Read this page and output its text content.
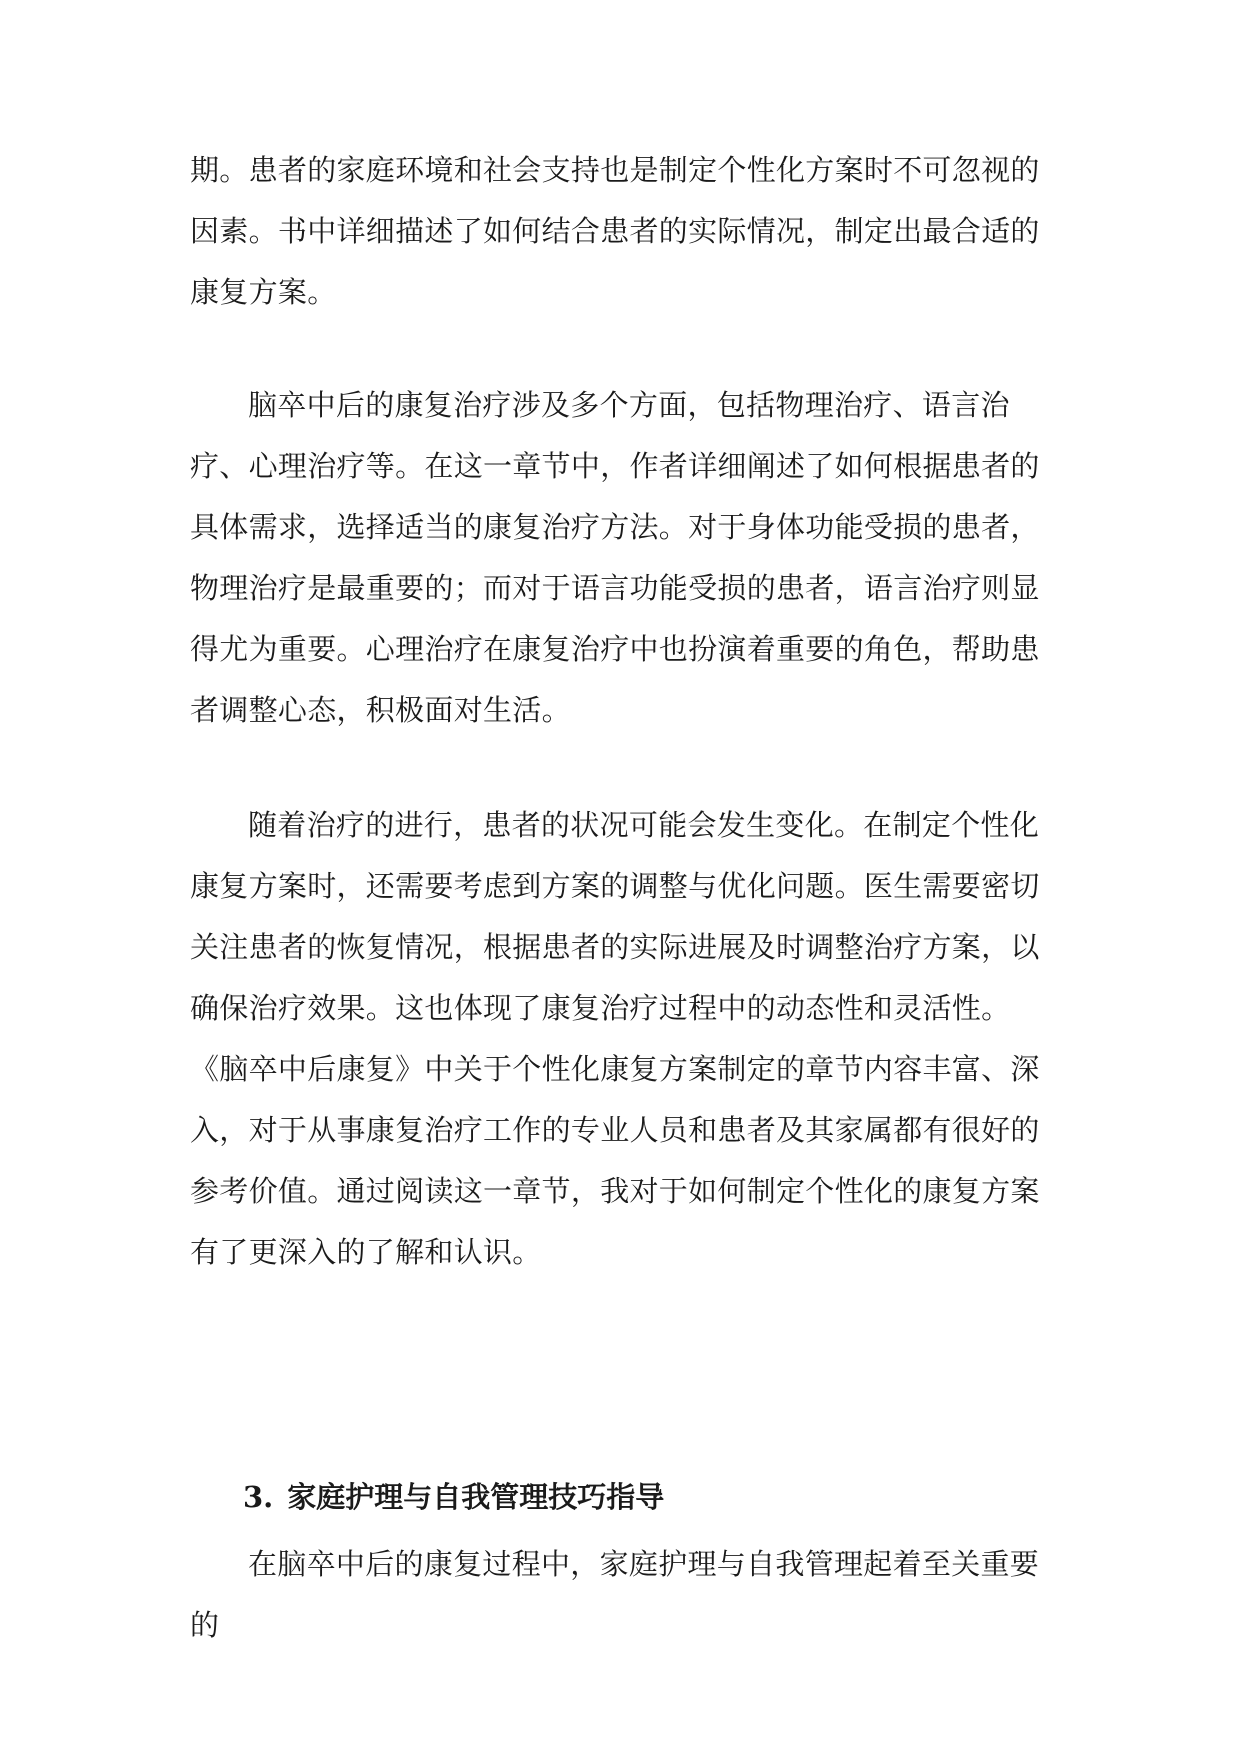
期。患者的家庭环境和社会支持也是制定个性化方案时不可忽视的因素。书中详细描述了如何结合患者的实际情况，制定出最合适的康复方案。

脑卒中后的康复治疗涉及多个方面，包括物理治疗、语言治疗、心理治疗等。在这一章节中，作者详细阐述了如何根据患者的具体需求，选择适当的康复治疗方法。对于身体功能受损的患者，物理治疗是最重要的；而对于语言功能受损的患者，语言治疗则显得尤为重要。心理治疗在康复治疗中也扮演着重要的角色，帮助患者调整心态，积极面对生活。

随着治疗的进行，患者的状况可能会发生变化。在制定个性化康复方案时，还需要考虑到方案的调整与优化问题。医生需要密切关注患者的恢复情况，根据患者的实际进展及时调整治疗方案，以确保治疗效果。这也体现了康复治疗过程中的动态性和灵活性。《脑卒中后康复》中关于个性化康复方案制定的章节内容丰富、深入，对于从事康复治疗工作的专业人员和患者及其家属都有很好的参考价值。通过阅读这一章节，我对于如何制定个性化的康复方案有了更深入的了解和认识。

3. 家庭护理与自我管理技巧指导

在脑卒中后的康复过程中，家庭护理与自我管理起着至关重要的
